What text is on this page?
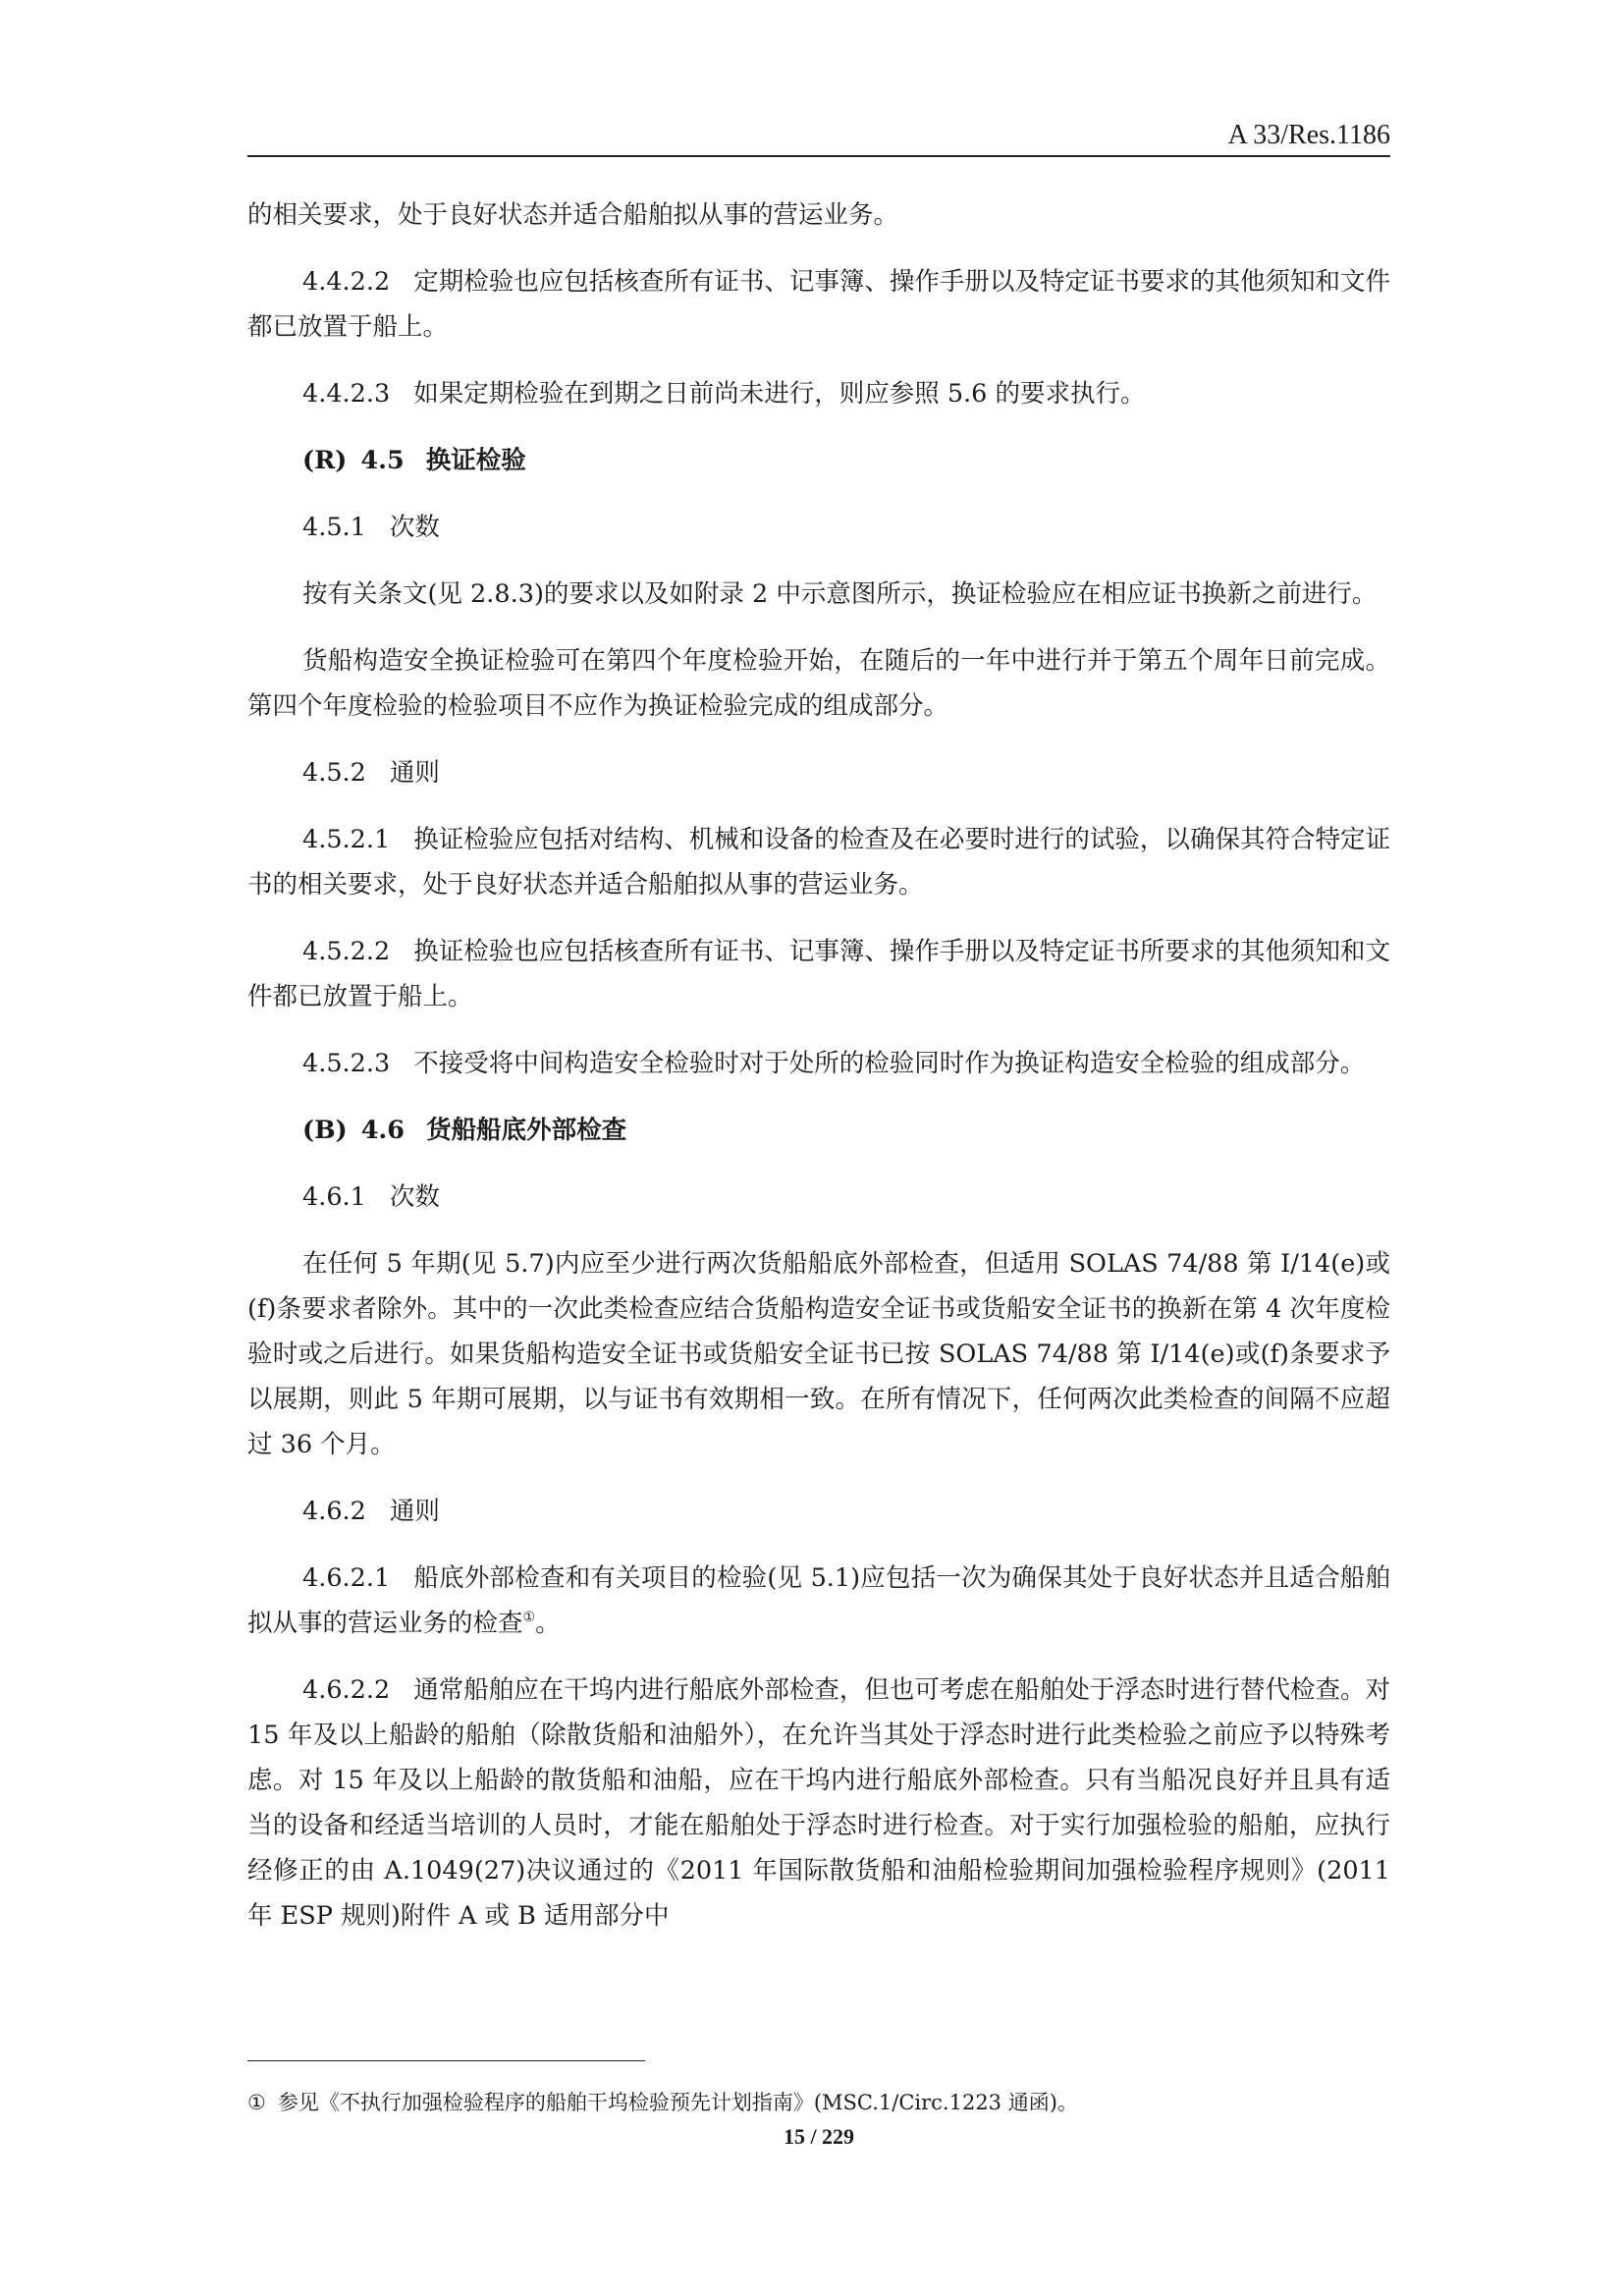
A 33/Res.1186

的相关要求，处于良好状态并适合船舶拟从事的营运业务。

4.4.2.2 定期检验也应包括核查所有证书、记事簿、操作手册以及特定证书要求的其他须知和文件都已放置于船上。

4.4.2.3 如果定期检验在到期之日前尚未进行，则应参照 5.6 的要求执行。

(R) 4.5 换证检验

4.5.1 次数

按有关条文(见 2.8.3)的要求以及如附录 2 中示意图所示，换证检验应在相应证书换新之前进行。

货船构造安全换证检验可在第四个年度检验开始，在随后的一年中进行并于第五个周年日前完成。第四个年度检验的检验项目不应作为换证检验完成的组成部分。

4.5.2 通则

4.5.2.1 换证检验应包括对结构、机械和设备的检查及在必要时进行的试验，以确保其符合特定证书的相关要求，处于良好状态并适合船舶拟从事的营运业务。

4.5.2.2 换证检验也应包括核查所有证书、记事簿、操作手册以及特定证书所要求的其他须知和文件都已放置于船上。

4.5.2.3 不接受将中间构造安全检验时对于处所的检验同时作为换证构造安全检验的组成部分。

(B) 4.6 货船船底外部检查

4.6.1 次数

在任何 5 年期(见 5.7)内应至少进行两次货船船底外部检查，但适用 SOLAS 74/88 第 I/14(e)或(f)条要求者除外。其中的一次此类检查应结合货船构造安全证书或货船安全证书的换新在第 4 次年度检验时或之后进行。如果货船构造安全证书或货船安全证书已按 SOLAS 74/88 第 I/14(e)或(f)条要求予以展期，则此 5 年期可展期，以与证书有效期相一致。在所有情况下，任何两次此类检查的间隔不应超过 36 个月。

4.6.2 通则

4.6.2.1 船底外部检查和有关项目的检验(见 5.1)应包括一次为确保其处于良好状态并且适合船舶拟从事的营运业务的检查①。

4.6.2.2 通常船舶应在干坞内进行船底外部检查，但也可考虑在船舶处于浮态时进行替代检查。对 15 年及以上船龄的船舶（除散货船和油船外），在允许当其处于浮态时进行此类检验之前应予以特殊考虑。对 15 年及以上船龄的散货船和油船，应在干坞内进行船底外部检查。只有当船况良好并且具有适当的设备和经适当培训的人员时，才能在船舶处于浮态时进行检查。对于实行加强检验的船舶，应执行经修正的由 A.1049(27)决议通过的《2011 年国际散货船和油船检验期间加强检验程序规则》(2011 年 ESP 规则)附件 A 或 B 适用部分中

① 参见《不执行加强检验程序的船舶干坞检验预先计划指南》(MSC.1/Circ.1223 通函)。
15 / 229
